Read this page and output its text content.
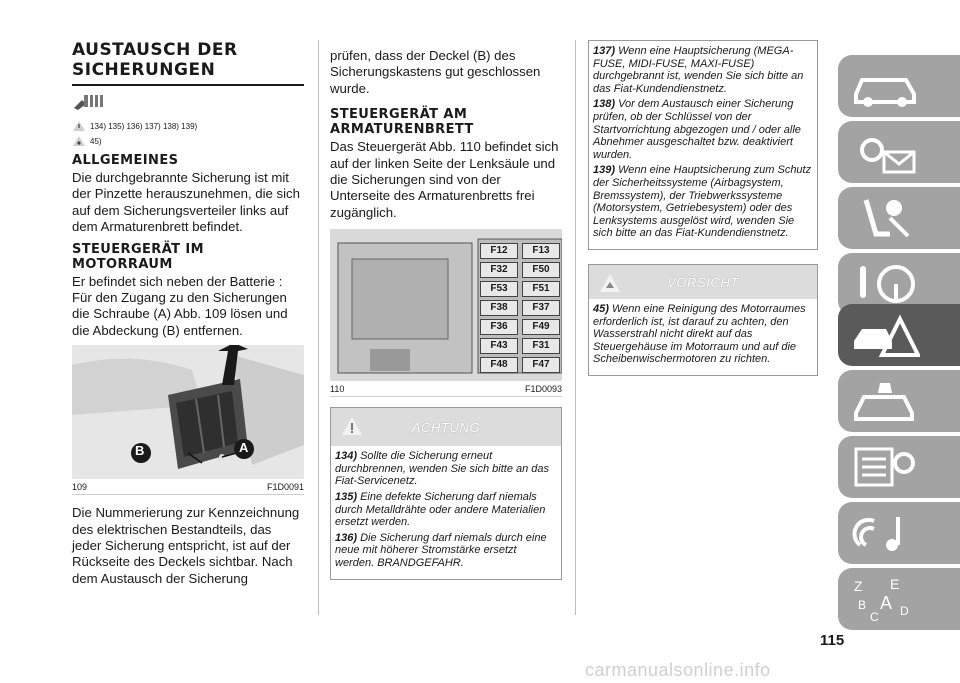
AUSTAUSCH DER
SICHERUNGEN
134) 135) 136) 137) 138) 139)
45)
ALLGEMEINES

Die durchgebrannte Sicherung ist mit der Pinzette herauszunehmen, die sich auf dem Sicherungsverteiler links auf dem Armaturenbrett befindet.

STEUERGERÄT IM
MOTORRAUM

Er befindet sich neben der Batterie : Für den Zugang zu den Sicherungen die Schraube (A) Abb. 109 lösen und die Abdeckung (B) entfernen.

B	A
109	F1D0091

Die Nummerierung zur Kennzeichnung des elektrischen Bestandteils, das jeder Sicherung entspricht, ist auf der Rückseite des Deckels sichtbar. Nach dem Austausch der Sicherung

prüfen, dass der Deckel (B) des Sicherungskastens gut geschlossen wurde.

STEUERGERÄT AM
ARMATURENBRETT

Das Steuergerät Abb. 110 befindet sich auf der linken Seite der Lenksäule und die Sicherungen sind von der Unterseite des Armaturenbretts frei zugänglich.

F12	F13
F32	F50
F53	F51
F38	F37
F36	F49
F43	F31
F48	F47
110	F1D0093
ACHTUNG

134) Sollte die Sicherung erneut durchbrennen, wenden Sie sich bitte an das Fiat-Servicenetz.

135) Eine defekte Sicherung darf niemals durch Metalldrähte oder andere Materialien ersetzt werden.

136) Die Sicherung darf niemals durch eine neue mit höherer Stromstärke ersetzt werden. BRANDGEFAHR.

137) Wenn eine Hauptsicherung (MEGA-FUSE, MIDI-FUSE, MAXI-FUSE) durchgebrannt ist, wenden Sie sich bitte an das Fiat-Kundendienstnetz.

138) Vor dem Austausch einer Sicherung prüfen, ob der Schlüssel von der Startvorrichtung abgezogen und / oder alle Abnehmer ausgeschaltet bzw. deaktiviert wurden.

139) Wenn eine Hauptsicherung zum Schutz der Sicherheitssysteme (Airbagsystem, Bremssystem), der Triebwerkssysteme (Motorsystem, Getriebesystem) oder des Lenksystems ausgelöst wird, wenden Sie sich bitte an das Fiat-Kundendienstnetz.

VORSICHT

45) Wenn eine Reinigung des Motorraumes erforderlich ist, ist darauf zu achten, den Wasserstrahl nicht direkt auf das Steuergehäuse im Motorraum und auf die Scheibenwischermotoren zu richten.

Z E
B A D
C
115
carmanualsonline.info
